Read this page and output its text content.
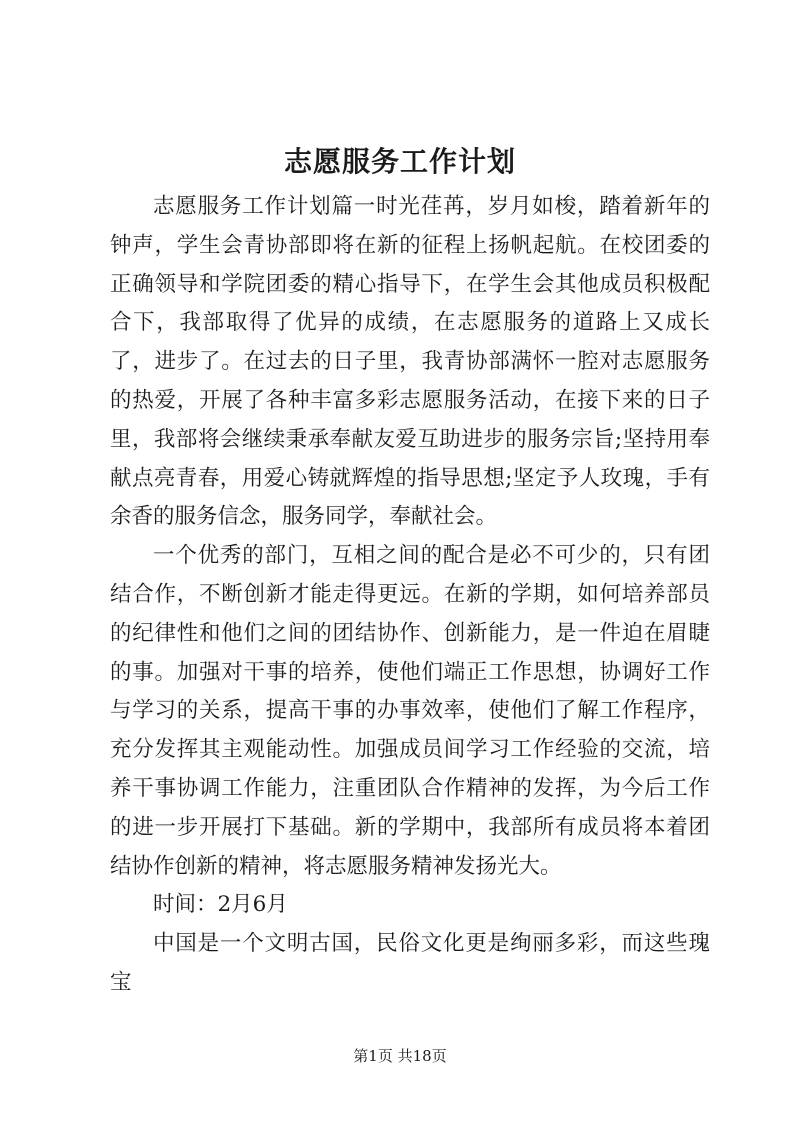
志愿服务工作计划

志愿服务工作计划篇一时光荏苒，岁月如梭，踏着新年的钟声，学生会青协部即将在新的征程上扬帆起航。在校团委的正确领导和学院团委的精心指导下，在学生会其他成员积极配合下，我部取得了优异的成绩，在志愿服务的道路上又成长了，进步了。在过去的日子里，我青协部满怀一腔对志愿服务的热爱，开展了各种丰富多彩志愿服务活动，在接下来的日子里，我部将会继续秉承奉献友爱互助进步的服务宗旨;坚持用奉献点亮青春，用爱心铸就辉煌的指导思想;坚定予人玫瑰，手有余香的服务信念，服务同学，奉献社会。

一个优秀的部门，互相之间的配合是必不可少的，只有团结合作，不断创新才能走得更远。在新的学期，如何培养部员的纪律性和他们之间的团结协作、创新能力，是一件迫在眉睫的事。加强对干事的培养，使他们端正工作思想，协调好工作与学习的关系，提高干事的办事效率，使他们了解工作程序，充分发挥其主观能动性。加强成员间学习工作经验的交流，培养干事协调工作能力，注重团队合作精神的发挥，为今后工作的进一步开展打下基础。新的学期中，我部所有成员将本着团结协作创新的精神，将志愿服务精神发扬光大。

时间：2月6月

中国是一个文明古国，民俗文化更是绚丽多彩，而这些瑰宝

第1页 共18页
